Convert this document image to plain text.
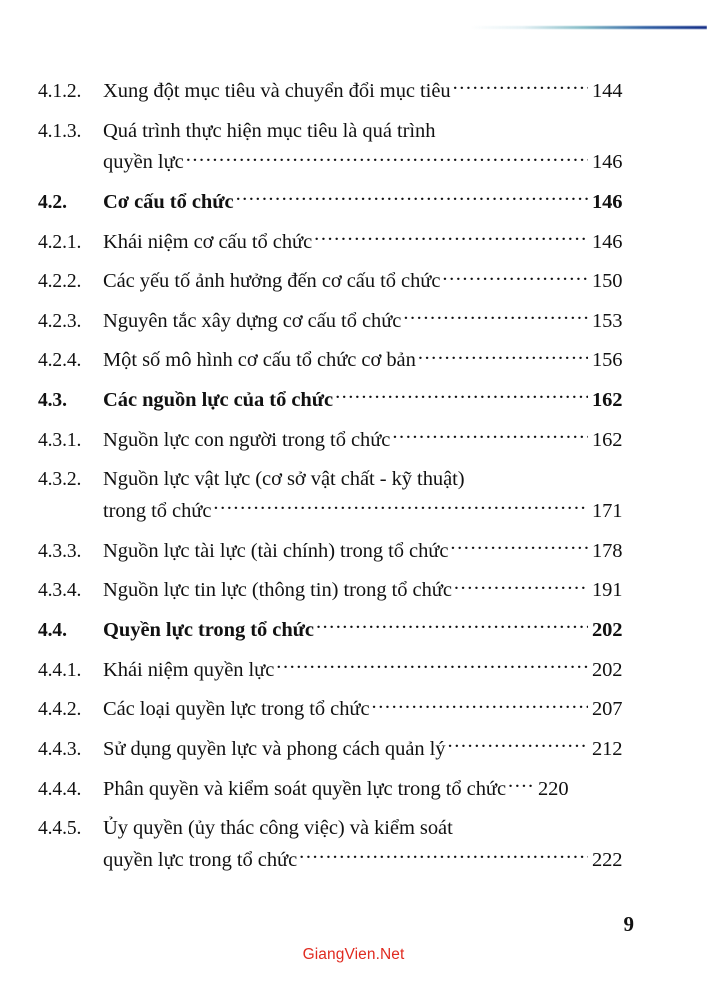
4.1.2.	Xung đột mục tiêu và chuyển đổi mục tiêu .....	144
4.1.3.	Quá trình thực hiện mục tiêu là quá trình
quyền lực .....	146
4.2.	Cơ cấu tổ chức .....	146
4.2.1.	Khái niệm cơ cấu tổ chức .....	146
4.2.2.	Các yếu tố ảnh hưởng đến cơ cấu tổ chức .....	150
4.2.3.	Nguyên tắc xây dựng cơ cấu tổ chức .....	153
4.2.4.	Một số mô hình cơ cấu tổ chức cơ bản .....	156
4.3.	Các nguồn lực của tổ chức .....	162
4.3.1.	Nguồn lực con người trong tổ chức .....	162
4.3.2.	Nguồn lực vật lực (cơ sở vật chất - kỹ thuật)
trong tổ chức .....	171
4.3.3.	Nguồn lực tài lực (tài chính) trong tổ chức .....	178
4.3.4.	Nguồn lực tin lực (thông tin) trong tổ chức .....	191
4.4.	Quyền lực trong tổ chức .....	202
4.4.1.	Khái niệm quyền lực .....	202
4.4.2.	Các loại quyền lực trong tổ chức .....	207
4.4.3.	Sử dụng quyền lực và phong cách quản lý .....	212
4.4.4.	Phân quyền và kiểm soát quyền lực trong tổ chức ..... 220
4.4.5.	Ủy quyền (ủy thác công việc) và kiểm soát
quyền lực trong tổ chức .....	222
9
GiangVien.Net
